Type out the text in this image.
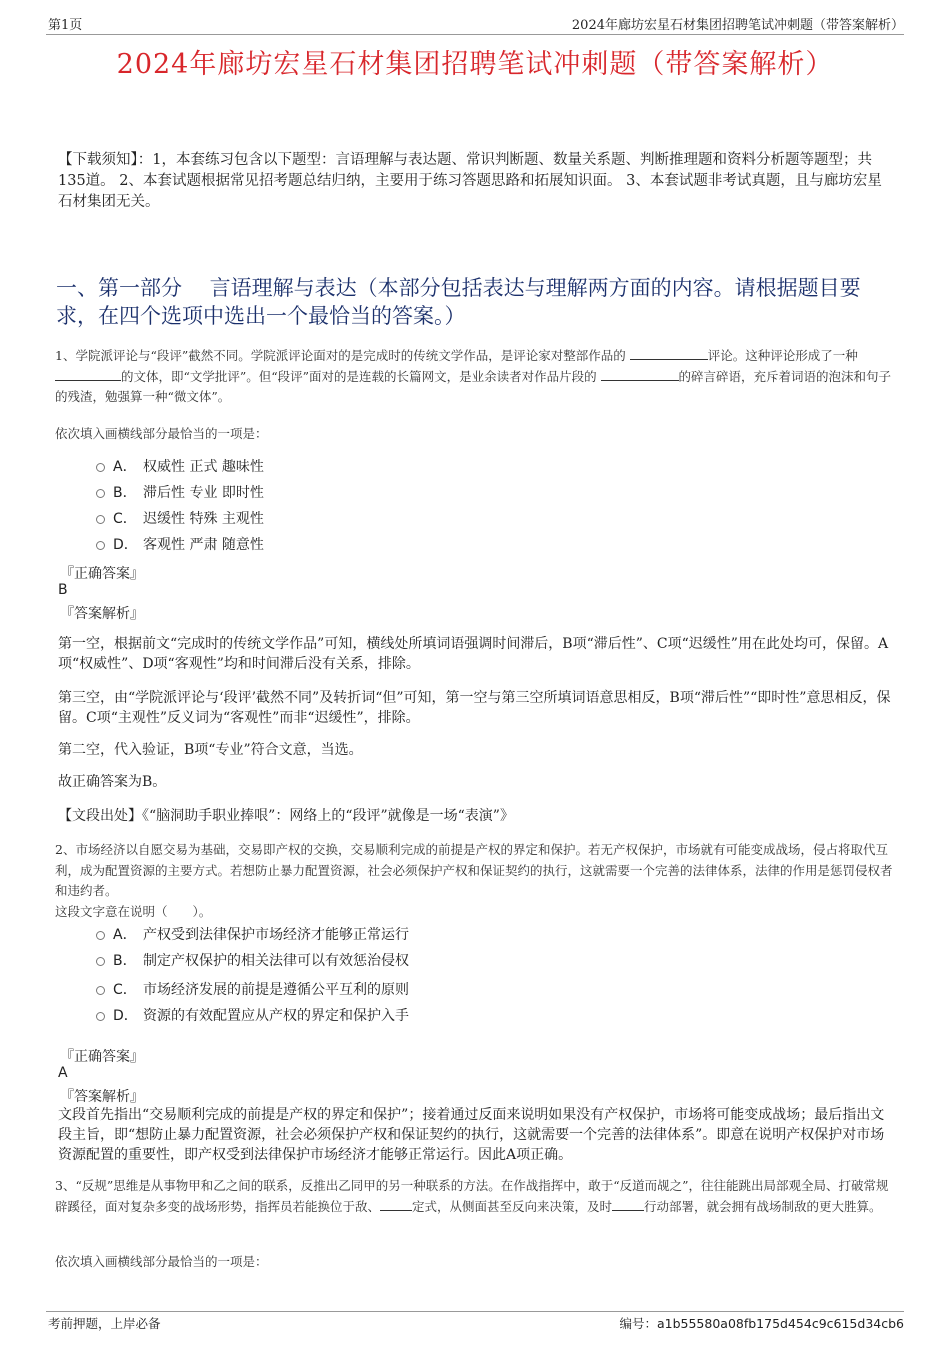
第1页	2024年廊坊宏星石材集团招聘笔试冲刺题（带答案解析）
2024年廊坊宏星石材集团招聘笔试冲刺题（带答案解析）
【下载须知】：1，本套练习包含以下题型：言语理解与表达题、常识判断题、数量关系题、判断推理题和资料分析题等题型；共135道。 2、本套试题根据常见招考题总结归纳，主要用于练习答题思路和拓展知识面。 3、本套试题非考试真题，且与廊坊宏星石材集团无关。
一、第一部分　 言语理解与表达（本部分包括表达与理解两方面的内容。请根据题目要求，在四个选项中选出一个最恰当的答案。）
1、学院派评论与“段评”截然不同。学院派评论面对的是完成时的传统文学作品，是评论家对整部作品的	评论。这种评论形成了一种 的文体，即“文学批评”。但“段评”面对的是连载的长篇网文，是业余读者对作品片段的	的碎言碎语，充斥着词语的泡沫和句子的残渣，勉强算一种“微文体”。
依次填入画横线部分最恰当的一项是：
A． 权威性 正式 趣味性
B． 滞后性 专业 即时性
C． 迟缓性 特殊 主观性
D． 客观性 严肃 随意性
『正确答案』
B
『答案解析』
第一空，根据前文“完成时的传统文学作品”可知，横线处所填词语强调时间滞后，B项“滞后性”、C项“迟缓性”用在此处均可，保留。A项“权威性”、D项“客观性”均和时间滞后没有关系，排除。
第三空，由“学院派评论与‘段评’截然不同”及转折词“但”可知，第一空与第三空所填词语意思相反，B项“滞后性”“即时性”意思相反，保留。C项“主观性”反义词为“客观性”而非“迟缓性”，排除。
第二空，代入验证，B项“专业”符合文意，当选。
故正确答案为B。
【文段出处】《“脑洞助手职业捧哏”：网络上的“段评”就像是一场“表演”》
2、市场经济以自愿交易为基础，交易即产权的交换，交易顺利完成的前提是产权的界定和保护。若无产权保护，市场就有可能变成战场，侵占将取代互利，成为配置资源的主要方式。若想防止暴力配置资源，社会必须保护产权和保证契约的执行，这就需要一个完善的法律体系，法律的作用是惩罚侵权者和违约者。
这段文字意在说明（　　）。
A． 产权受到法律保护市场经济才能够正常运行
B． 制定产权保护的相关法律可以有效惩治侵权
C． 市场经济发展的前提是遵循公平互利的原则
D． 资源的有效配置应从产权的界定和保护入手
『正确答案』
A
『答案解析』
文段首先指出“交易顺利完成的前提是产权的界定和保护”；接着通过反面来说明如果没有产权保护，市场将可能变成战场；最后指出文段主旨，即“想防止暴力配置资源，社会必须保护产权和保证契约的执行，这就需要一个完善的法律体系”。即意在说明产权保护对市场资源配置的重要性，即产权受到法律保护市场经济才能够正常运行。因此A项正确。
3、“反规”思维是从事物甲和乙之间的联系，反推出乙同甲的另一种联系的方法。在作战指挥中，敢于“反道而觇之”，往往能跳出局部观全局、打破常规辟蹊径，面对复杂多变的战场形势，指挥员若能换位于敌、	定式，从侧面甚至反向来决策，及时	行动部署，就会拥有战场制敌的更大胜算。
依次填入画横线部分最恰当的一项是：
考前押题，上岸必备	编号：a1b55580a08fb175d454c9c615d34cb6
